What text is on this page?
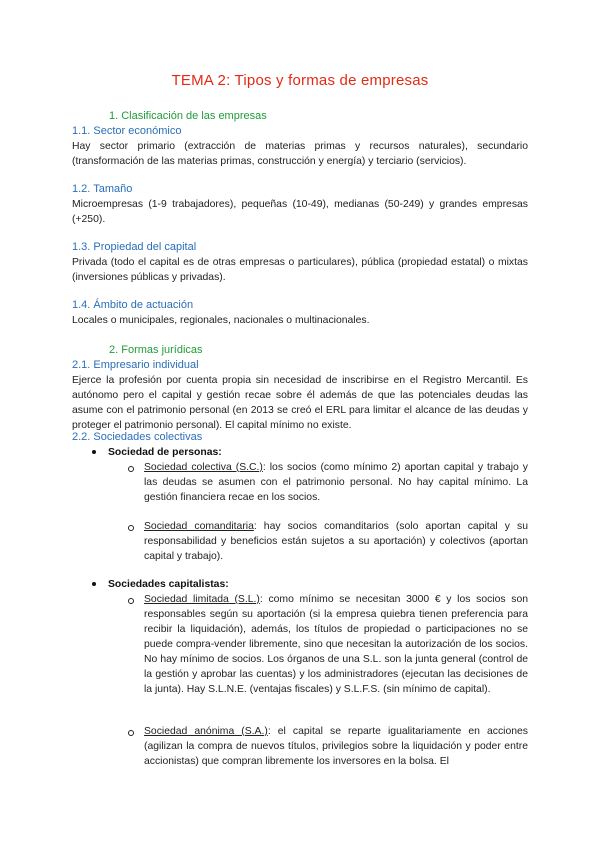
TEMA 2: Tipos y formas de empresas
1. Clasificación de las empresas
1.1. Sector económico
Hay sector primario (extracción de materias primas y recursos naturales), secundario (transformación de las materias primas, construcción y energía) y terciario (servicios).
1.2. Tamaño
Microempresas (1-9 trabajadores), pequeñas (10-49), medianas (50-249) y grandes empresas (+250).
1.3. Propiedad del capital
Privada (todo el capital es de otras empresas o particulares), pública (propiedad estatal) o mixtas (inversiones públicas y privadas).
1.4. Ámbito de actuación
Locales o municipales, regionales, nacionales o multinacionales.
2. Formas jurídicas
2.1. Empresario individual
Ejerce la profesión por cuenta propia sin necesidad de inscribirse en el Registro Mercantil. Es autónomo pero el capital y gestión recae sobre él además de que las potenciales deudas las asume con el patrimonio personal (en 2013 se creó el ERL para limitar el alcance de las deudas y proteger el patrimonio personal). El capital mínimo no existe.
2.2. Sociedades colectivas
Sociedad de personas:
Sociedad colectiva (S.C.): los socios (como mínimo 2) aportan capital y trabajo y las deudas se asumen con el patrimonio personal. No hay capital mínimo. La gestión financiera recae en los socios.
Sociedad comanditaria: hay socios comanditarios (solo aportan capital y su responsabilidad y beneficios están sujetos a su aportación) y colectivos (aportan capital y trabajo).
Sociedades capitalistas:
Sociedad limitada (S.L.): como mínimo se necesitan 3000 € y los socios son responsables según su aportación (si la empresa quiebra tienen preferencia para recibir la liquidación), además, los títulos de propiedad o participaciones no se puede compra-vender libremente, sino que necesitan la autorización de los socios. No hay mínimo de socios. Los órganos de una S.L. son la junta general (control de la gestión y aprobar las cuentas) y los administradores (ejecutan las decisiones de la junta). Hay S.L.N.E. (ventajas fiscales) y S.L.F.S. (sin mínimo de capital).
Sociedad anónima (S.A.): el capital se reparte igualitariamente en acciones (agilizan la compra de nuevos títulos, privilegios sobre la liquidación y poder entre accionistas) que compran libremente los inversores en la bolsa. El
